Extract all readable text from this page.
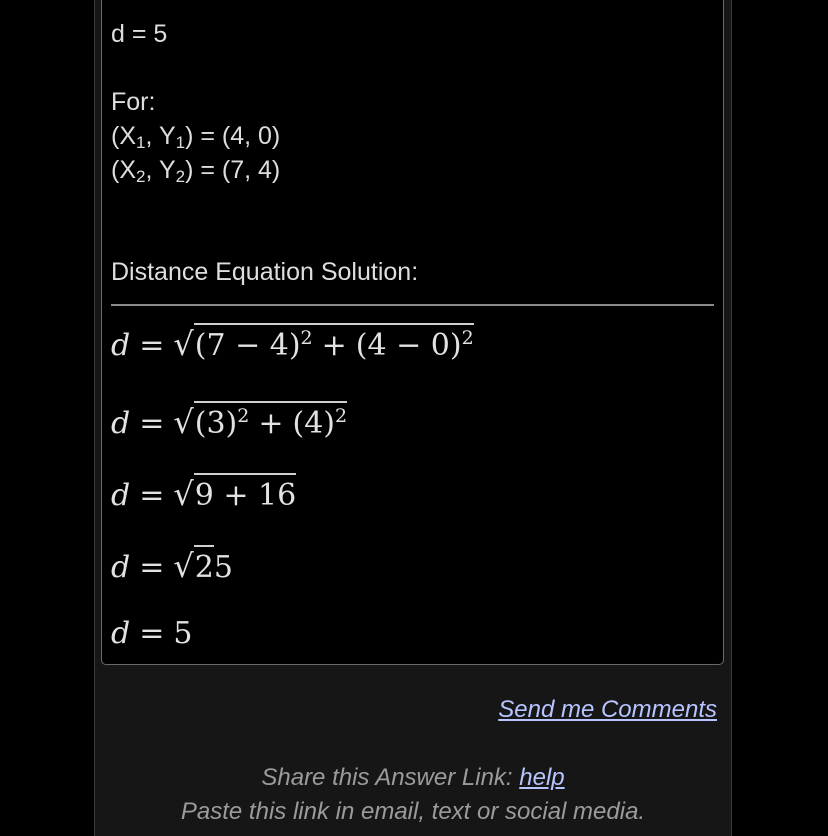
d = 5
For:
($X_1$, $Y_1) = (4$, 0)
($X_2$, $Y_2) = (7$, 4)
Distance Equation Solution:
$d = √(7 - 4)^2 + (4 - 0)^2$
$d = √(3)^2 + (4)^2$
d = √9 + 16
d = √25
d = 5
Send me Comments
Share this Answer Link: help
Paste this link in email, text or social media.
